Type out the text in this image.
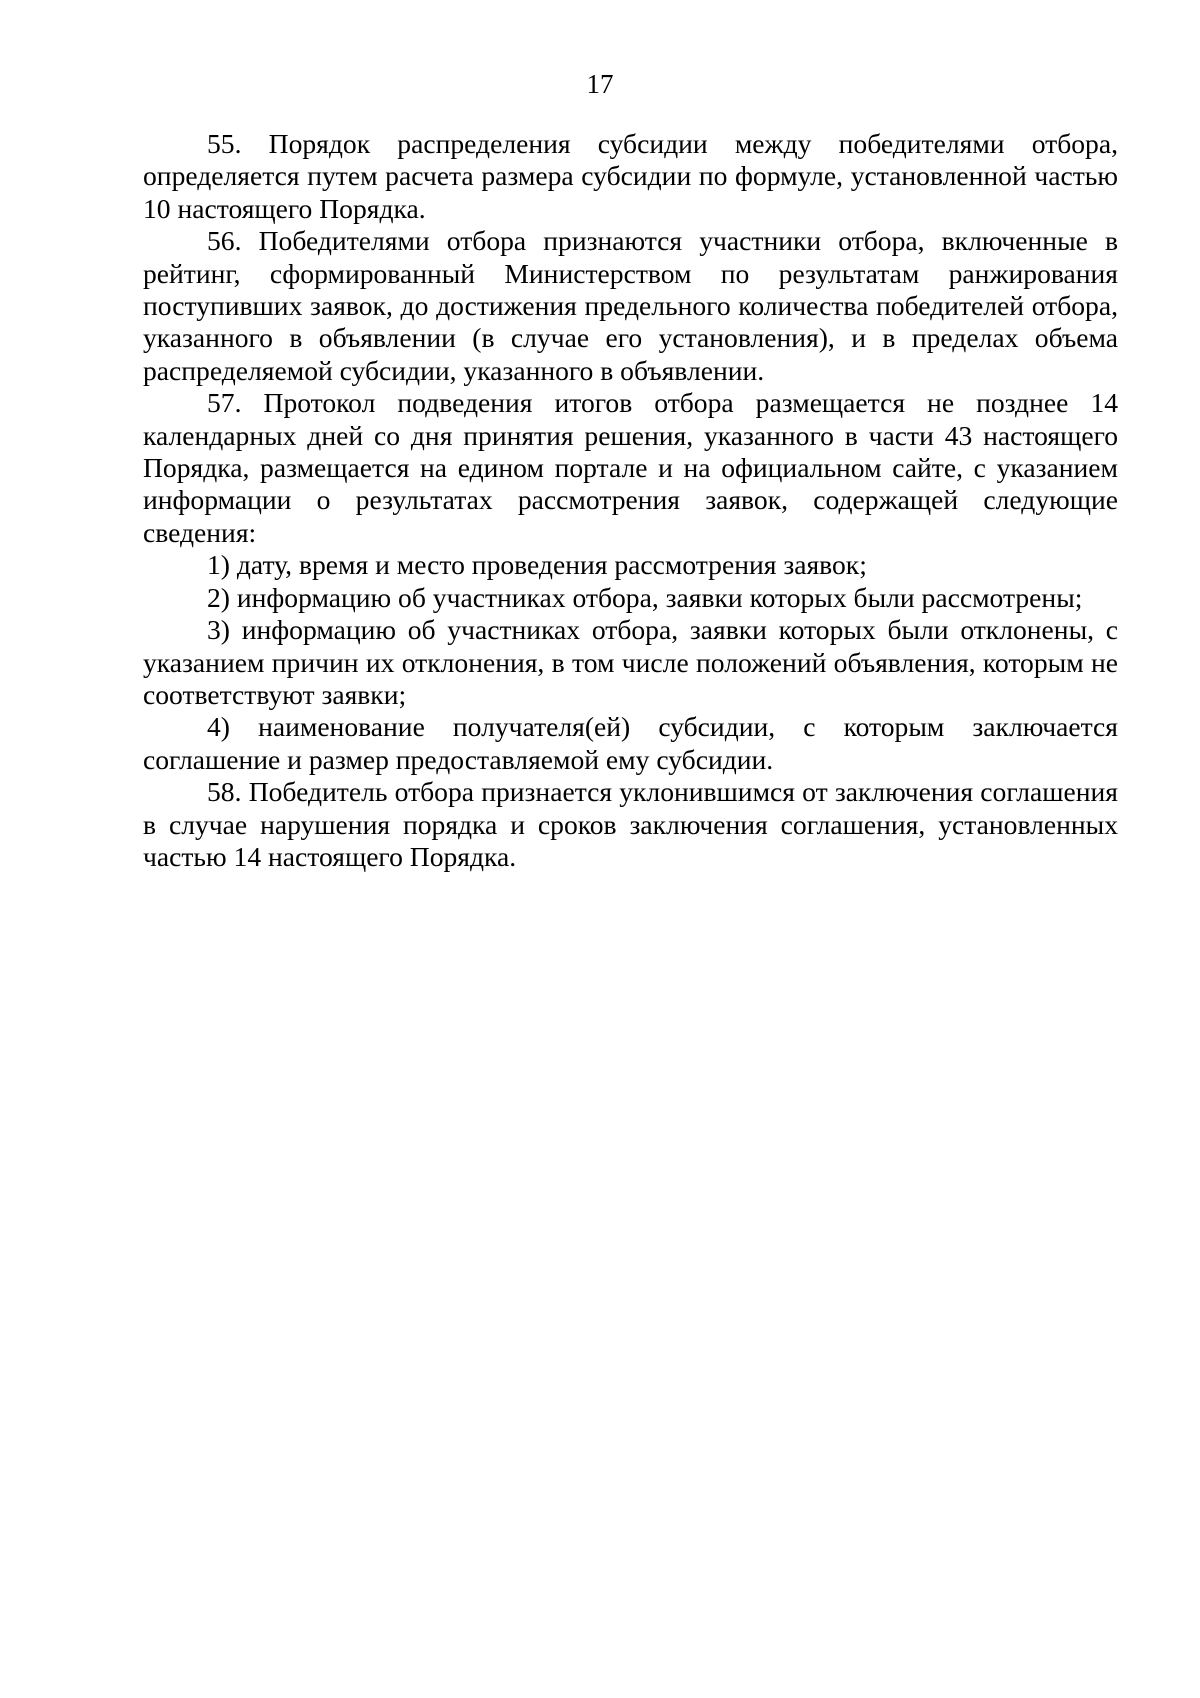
17

55. Порядок распределения субсидии между победителями отбора, определяется путем расчета размера субсидии по формуле, установленной частью 10 настоящего Порядка.

56. Победителями отбора признаются участники отбора, включенные в рейтинг, сформированный Министерством по результатам ранжирования поступивших заявок, до достижения предельного количества победителей отбора, указанного в объявлении (в случае его установления), и в пределах объема распределяемой субсидии, указанного в объявлении.

57. Протокол подведения итогов отбора размещается не позднее 14 календарных дней со дня принятия решения, указанного в части 43 настоящего Порядка, размещается на едином портале и на официальном сайте, с указанием информации о результатах рассмотрения заявок, содержащей следующие сведения:

1) дату, время и место проведения рассмотрения заявок;

2) информацию об участниках отбора, заявки которых были рассмотрены;

3) информацию об участниках отбора, заявки которых были отклонены, с указанием причин их отклонения, в том числе положений объявления, которым не соответствуют заявки;

4) наименование получателя(ей) субсидии, с которым заключается соглашение и размер предоставляемой ему субсидии.

58. Победитель отбора признается уклонившимся от заключения соглашения в случае нарушения порядка и сроков заключения соглашения, установленных частью 14 настоящего Порядка.
